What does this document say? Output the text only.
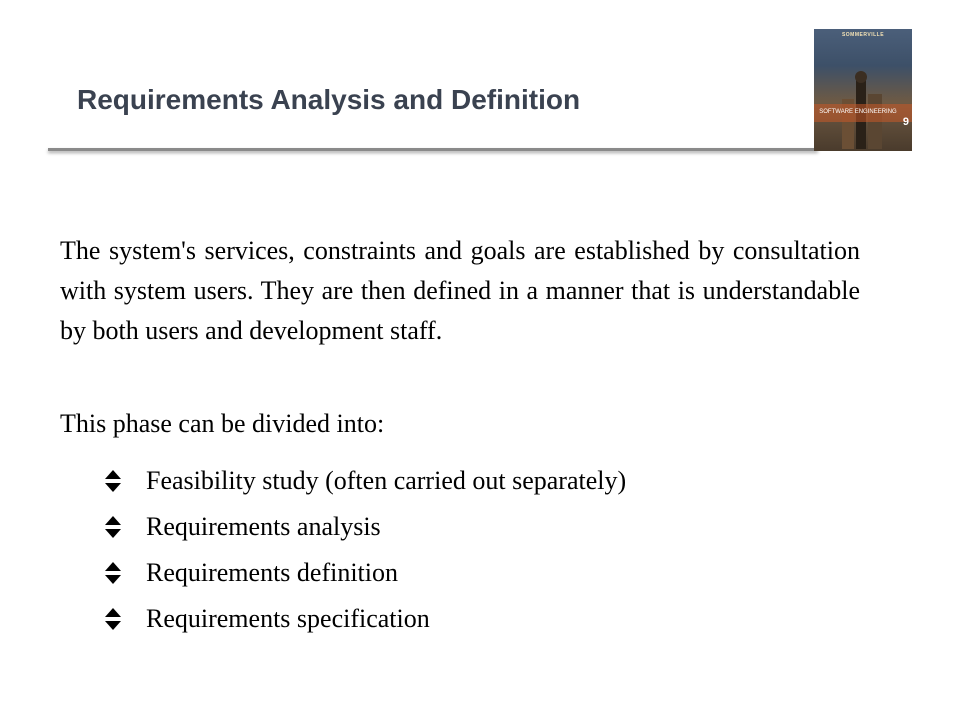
Requirements Analysis and Definition
SOMMERVILLE
SOFTWARE ENGINEERING
9

The system's services, constraints and goals are established by consultation with system users. They are then defined in a manner that is understandable by both users and development staff.

This phase can be divided into:

Feasibility study (often carried out separately)
Requirements analysis
Requirements definition
Requirements specification
